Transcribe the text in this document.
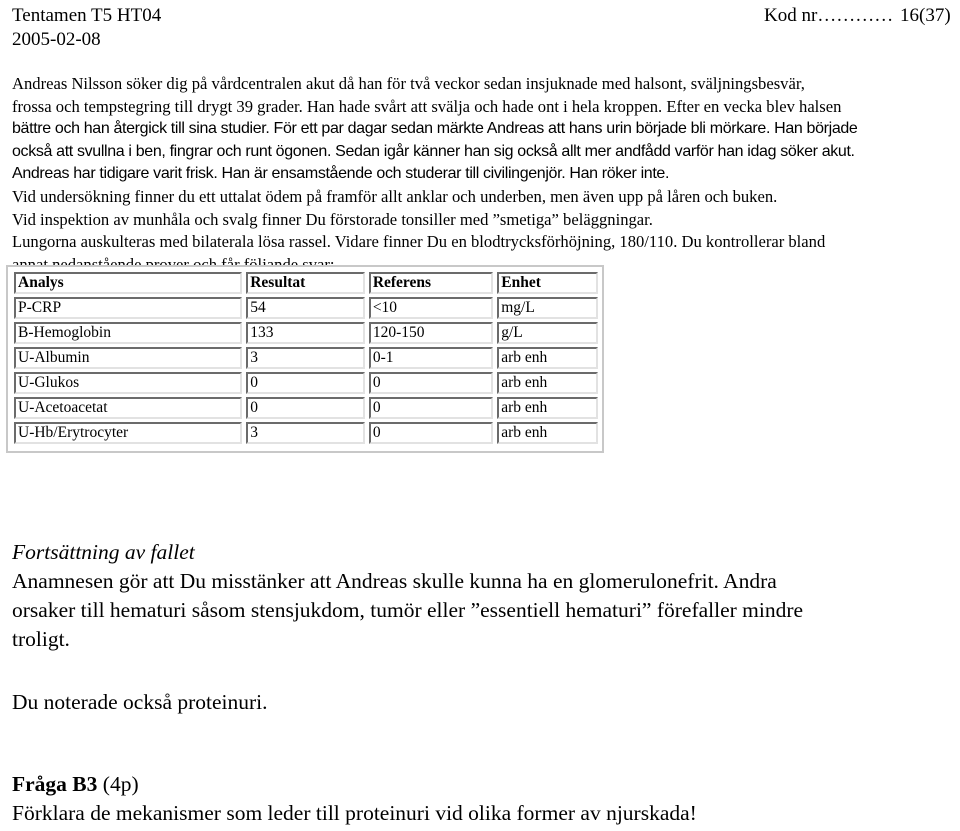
Tentamen T5 HT04	Kod nr………… 16(37)
2005-02-08

Andreas Nilsson söker dig på vårdcentralen akut då han för två veckor sedan insjuknade med halsont, sväljningsbesvär,

frossa och tempstegring till drygt 39 grader. Han hade svårt att svälja och hade ont i hela kroppen. Efter en vecka blev halsen

bättre och han återgick till sina studier. För ett par dagar sedan märkte Andreas att hans urin började bli mörkare. Han började

också att svullna i ben, fingrar och runt ögonen. Sedan igår känner han sig också allt mer andfådd varför han idag söker akut.

Andreas har tidigare varit frisk. Han är ensamstående och studerar till civilingenjör. Han röker inte.

Vid undersökning finner du ett uttalat ödem på framför allt anklar och underben, men även upp på låren och buken.

Vid inspektion av munhåla och svalg finner Du förstorade tonsiller med ”smetiga” beläggningar.

Lungorna auskulteras med bilaterala lösa rassel. Vidare finner Du en blodtrycksförhöjning, 180/110. Du kontrollerar bland

Analys	Resultat	Referens	Enhet
P-CRP	54	<10	mg/L
B-Hemoglobin	133	120-150	g/L
U-Albumin	3	0-1	arb enh
U-Glukos	0	0	arb enh
U-Acetoacetat	0	0	arb enh
U-Hb/Erytrocyter	3	0	arb enh

Fortsättning av fallet

Anamnesen gör att Du misstänker att Andreas skulle kunna ha en glomerulonefrit. Andra

orsaker till hematuri såsom stensjukdom, tumör eller ”essentiell hematuri” förefaller mindre

troligt.

Du noterade också proteinuri.

Fråga B3 (4p)

Förklara de mekanismer som leder till proteinuri vid olika former av njurskada!
